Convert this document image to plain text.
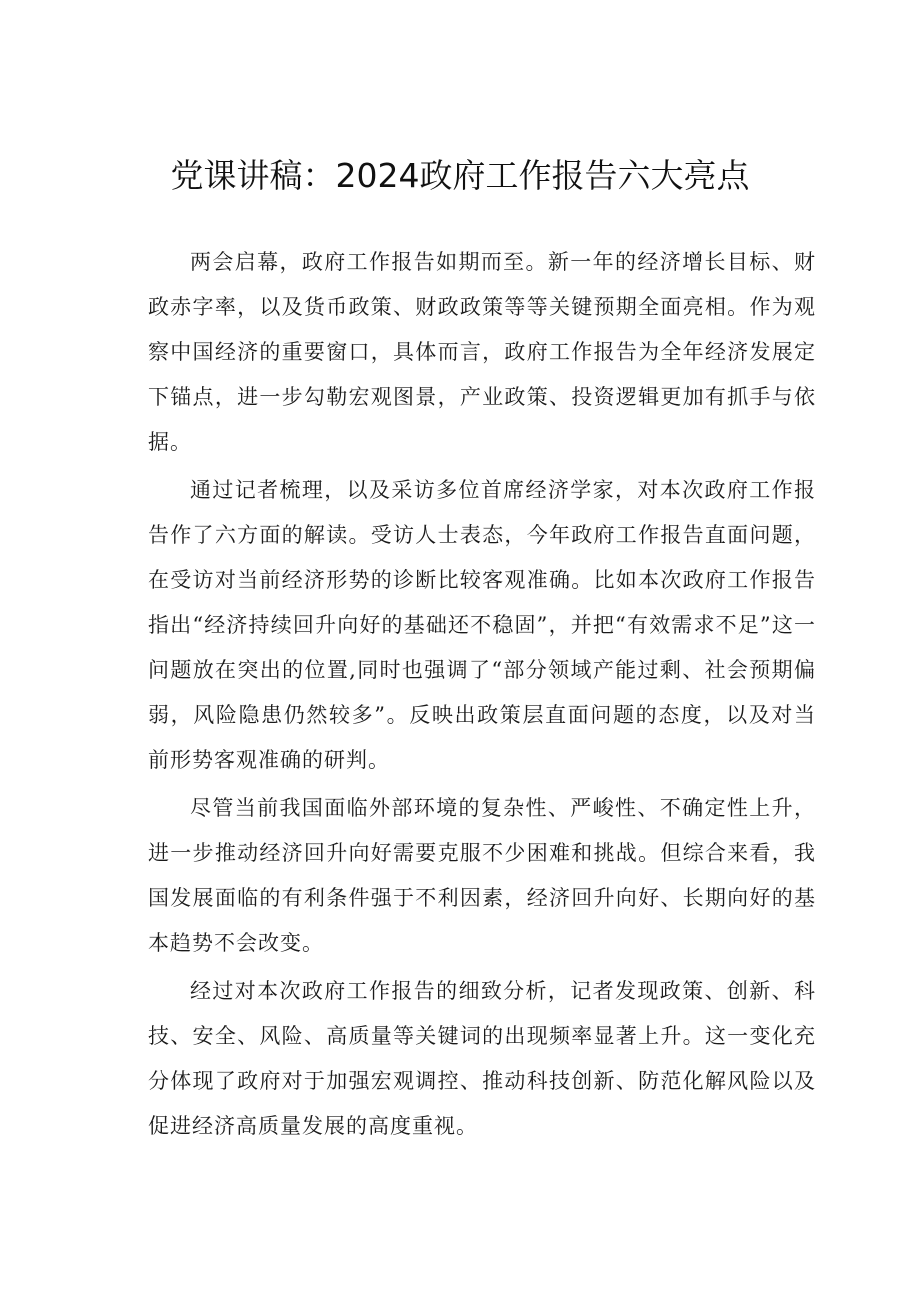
党课讲稿：2024政府工作报告六大亮点

两会启幕，政府工作报告如期而至。新一年的经济增长目标、财政赤字率，以及货币政策、财政政策等等关键预期全面亮相。作为观察中国经济的重要窗口，具体而言，政府工作报告为全年经济发展定下锚点，进一步勾勒宏观图景，产业政策、投资逻辑更加有抓手与依据。

通过记者梳理，以及采访多位首席经济学家，对本次政府工作报告作了六方面的解读。受访人士表态，今年政府工作报告直面问题，在受访对当前经济形势的诊断比较客观准确。比如本次政府工作报告指出“经济持续回升向好的基础还不稳固”，并把“有效需求不足”这一问题放在突出的位置,同时也强调了“部分领域产能过剩、社会预期偏弱，风险隐患仍然较多”。反映出政策层直面问题的态度，以及对当前形势客观准确的研判。

尽管当前我国面临外部环境的复杂性、严峻性、不确定性上升，进一步推动经济回升向好需要克服不少困难和挑战。但综合来看，我国发展面临的有利条件强于不利因素，经济回升向好、长期向好的基本趋势不会改变。

经过对本次政府工作报告的细致分析，记者发现政策、创新、科技、安全、风险、高质量等关键词的出现频率显著上升。这一变化充分体现了政府对于加强宏观调控、推动科技创新、防范化解风险以及促进经济高质量发展的高度重视。
